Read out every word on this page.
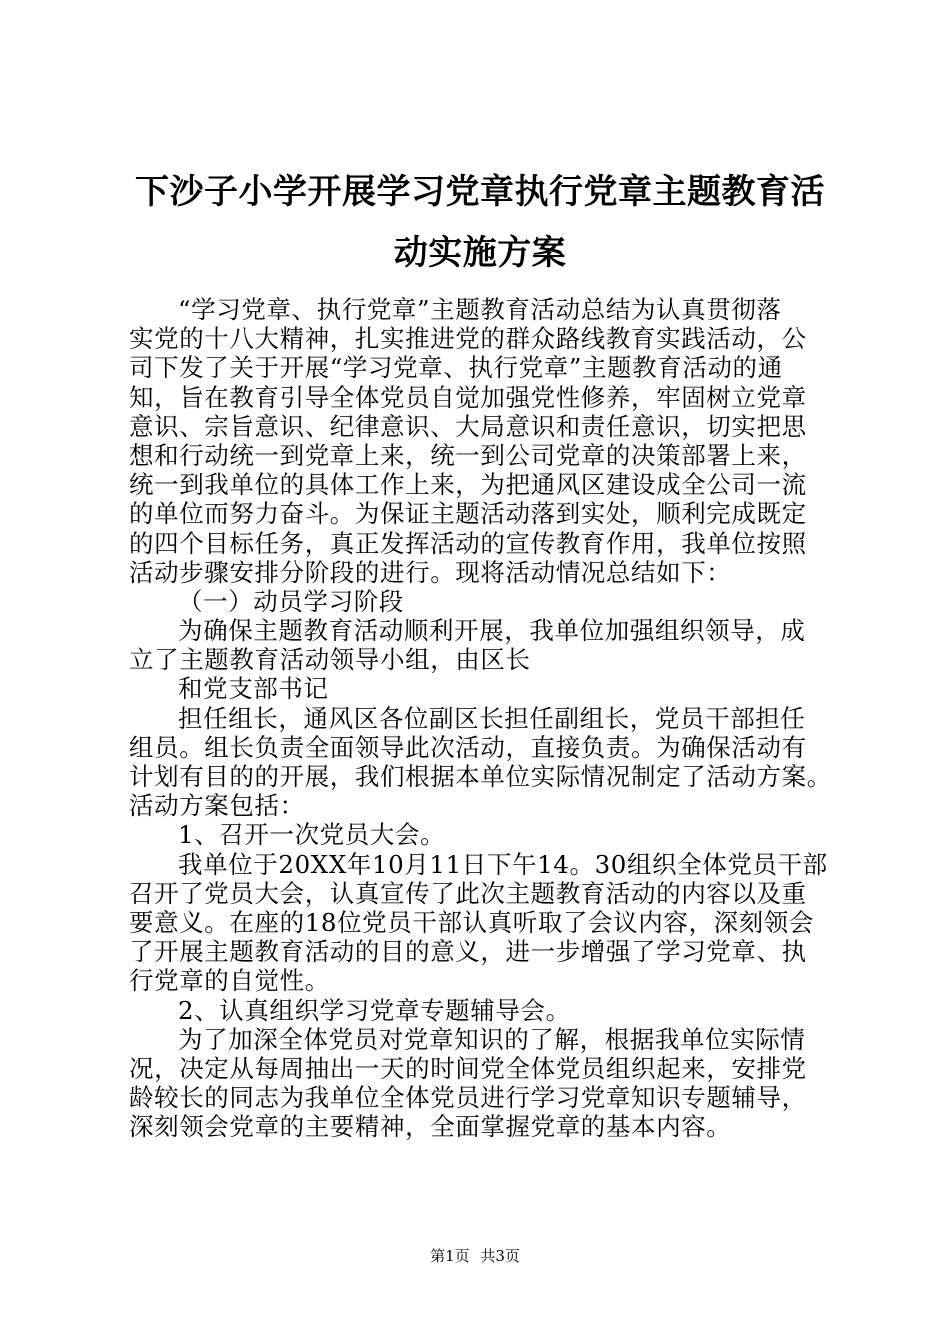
下沙子小学开展学习党章执行党章主题教育活动实施方案
“学习党章、执行党章”主题教育活动总结为认真贯彻落
实党的十八大精神，扎实推进党的群众路线教育实践活动，公
司下发了关于开展“学习党章、执行党章”主题教育活动的通
知，旨在教育引导全体党员自觉加强党性修养，牢固树立党章
意识、宗旨意识、纪律意识、大局意识和责任意识，切实把思
想和行动统一到党章上来，统一到公司党章的决策部署上来，
统一到我单位的具体工作上来，为把通风区建设成全公司一流
的单位而努力奋斗。为保证主题活动落到实处，顺利完成既定
的四个目标任务，真正发挥活动的宣传教育作用，我单位按照
活动步骤安排分阶段的进行。现将活动情况总结如下：
（一）动员学习阶段
为确保主题教育活动顺利开展，我单位加强组织领导，成
立了主题教育活动领导小组，由区长
和党支部书记
担任组长，通风区各位副区长担任副组长，党员干部担任
组员。组长负责全面领导此次活动，直接负责。为确保活动有
计划有目的的开展，我们根据本单位实际情况制定了活动方案。
活动方案包括：
1、召开一次党员大会。
我单位于20XX年10月11日下午14。30组织全体党员干部
召开了党员大会，认真宣传了此次主题教育活动的内容以及重
要意义。在座的18位党员干部认真听取了会议内容，深刻领会
了开展主题教育活动的目的意义，进一步增强了学习党章、执
行党章的自觉性。
2、认真组织学习党章专题辅导会。
为了加深全体党员对党章知识的了解，根据我单位实际情
况，决定从每周抽出一天的时间党全体党员组织起来，安排党
龄较长的同志为我单位全体党员进行学习党章知识专题辅导，
深刻领会党章的主要精神，全面掌握党章的基本内容。
第1页 共3页
